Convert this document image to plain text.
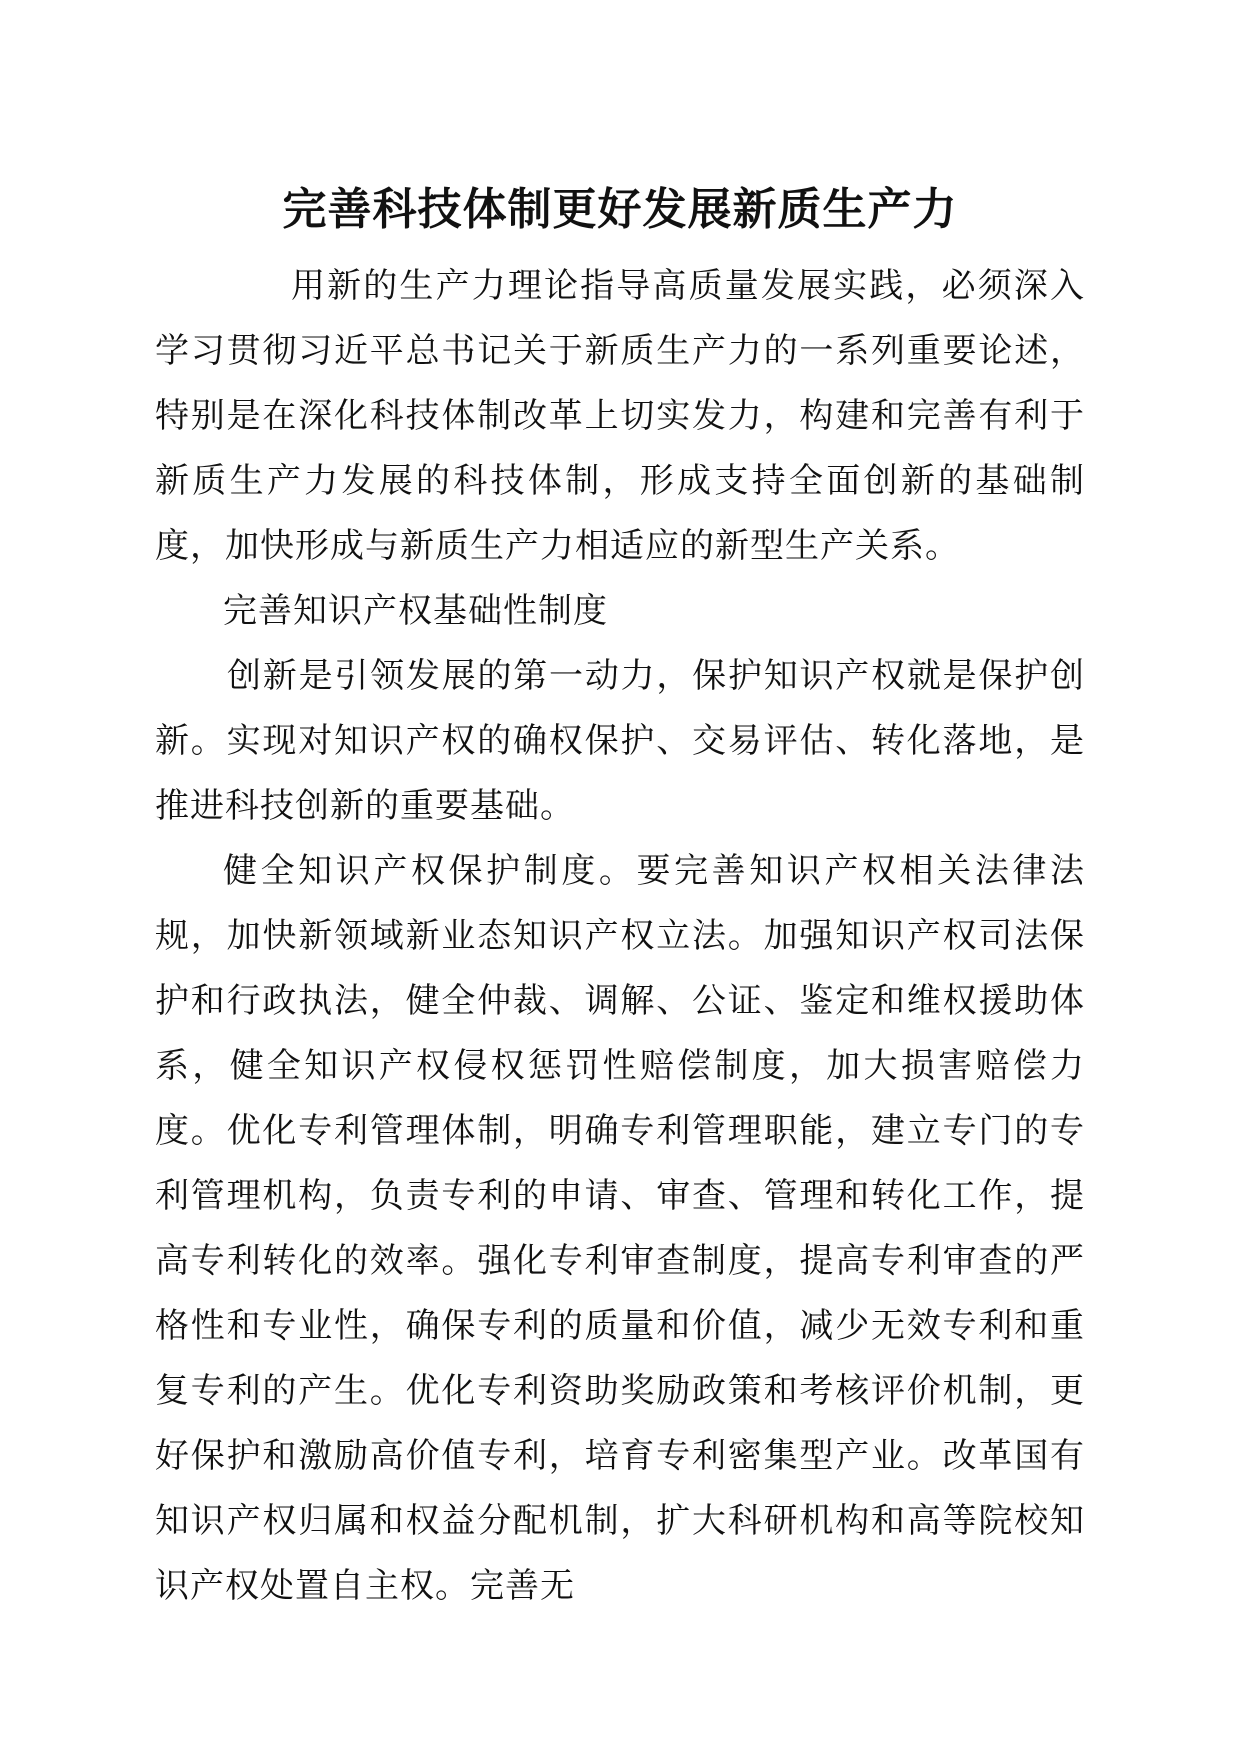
完善科技体制更好发展新质生产力

用新的生产力理论指导高质量发展实践，必须深入学习贯彻习近平总书记关于新质生产力的一系列重要论述，特别是在深化科技体制改革上切实发力，构建和完善有利于新质生产力发展的科技体制，形成支持全面创新的基础制度，加快形成与新质生产力相适应的新型生产关系。

完善知识产权基础性制度

创新是引领发展的第一动力，保护知识产权就是保护创新。实现对知识产权的确权保护、交易评估、转化落地，是推进科技创新的重要基础。

健全知识产权保护制度。要完善知识产权相关法律法规，加快新领域新业态知识产权立法。加强知识产权司法保护和行政执法，健全仲裁、调解、公证、鉴定和维权援助体系，健全知识产权侵权惩罚性赔偿制度，加大损害赔偿力度。优化专利管理体制，明确专利管理职能，建立专门的专利管理机构，负责专利的申请、审查、管理和转化工作，提高专利转化的效率。强化专利审查制度，提高专利审查的严格性和专业性，确保专利的质量和价值，减少无效专利和重复专利的产生。优化专利资助奖励政策和考核评价机制，更好保护和激励高价值专利，培育专利密集型产业。改革国有知识产权归属和权益分配机制，扩大科研机构和高等院校知识产权处置自主权。完善无
